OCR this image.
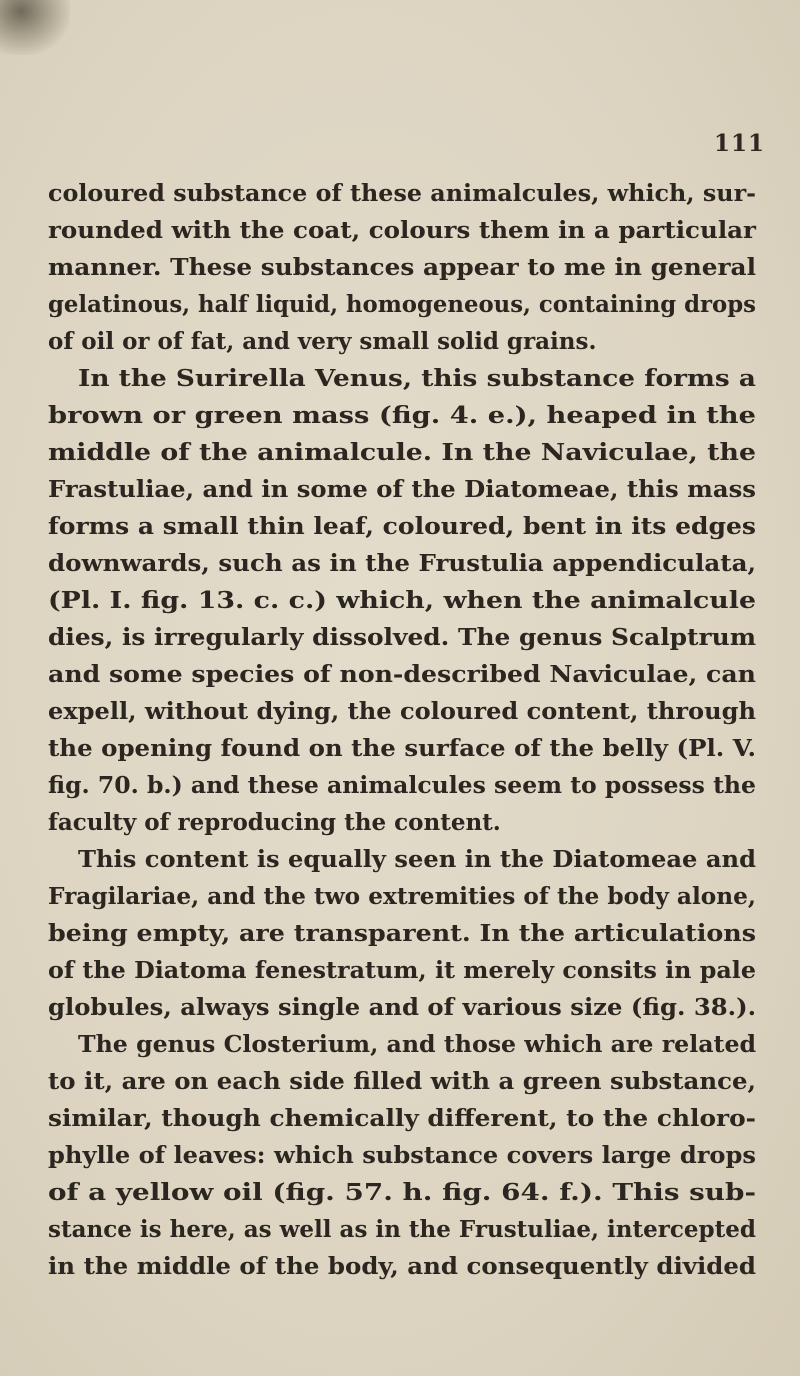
111
coloured substance of these animalcules, which, sur-
rounded with the coat, colours them in a particular
manner. These substances appear to me in general
gelatinous, half liquid, homogeneous, containing drops
of oil or of fat, and very small solid grains.
In the Surirella Venus, this substance forms a
brown or green mass (fig. 4. e.), heaped in the
middle of the animalcule. In the Naviculae, the
Frastuliae, and in some of the Diatomeae, this mass
forms a small thin leaf, coloured, bent in its edges
downwards, such as in the Frustulia appendiculata,
(Pl. I. fig. 13. c. c.) which, when the animalcule
dies, is irregularly dissolved. The genus Scalptrum
and some species of non-described Naviculae, can
expell, without dying, the coloured content, through
the opening found on the surface of the belly (Pl. V.
fig. 70. b.) and these animalcules seem to possess the
faculty of reproducing the content.
This content is equally seen in the Diatomeae and
Fragilariae, and the two extremities of the body alone,
being empty, are transparent. In the articulations
of the Diatoma fenestratum, it merely consits in pale
globules, always single and of various size (fig. 38.).
The genus Closterium, and those which are related
to it, are on each side filled with a green substance,
similar, though chemically different, to the chloro-
phylle of leaves: which substance covers large drops
of a yellow oil (fig. 57. h. fig. 64. f.). This sub-
stance is here, as well as in the Frustuliae, intercepted
in the middle of the body, and consequently divided
